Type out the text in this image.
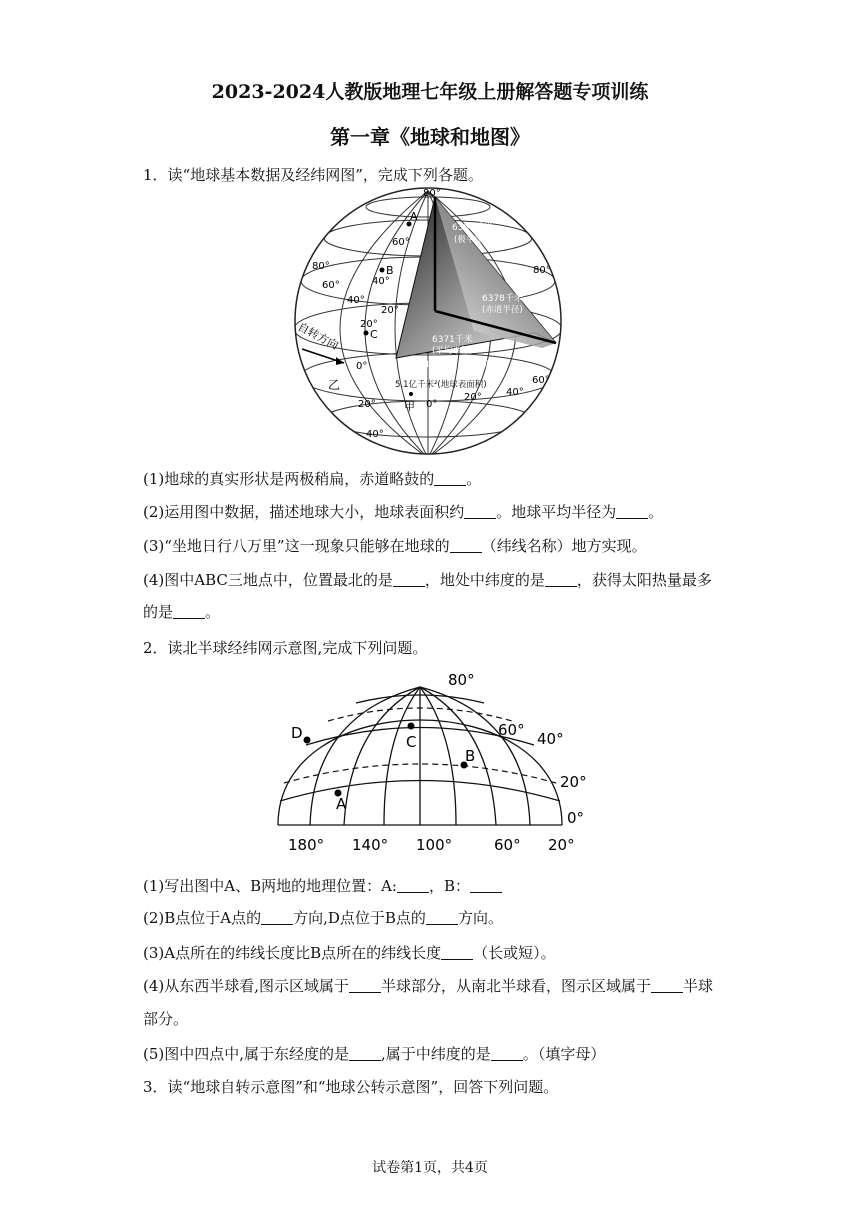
2023-2024人教版地理七年级上册解答题专项训练
第一章《地球和地图》
1．读“地球基本数据及经纬网图”，完成下列各题。
80°
80°
60°
40°
20°
0°
20°
40°
60°
40°
20°
80°
60°
40°
20°
0°
A
B
C
自转方向
乙
甲
6357千米
(极半径)
6378千米
(赤道半径)
6371千米
(平均半径)
4万千米（赤道周长）
5.1亿千米²(地球表面积)
(1)地球的真实形状是两极稍扁，赤道略鼓的 。
(2)运用图中数据，描述地球大小，地球表面积约 。地球平均半径为 。
(3)“坐地日行八万里”这一现象只能够在地球的 （纬线名称）地方实现。
(4)图中ABC三地点中，位置最北的是 ，地处中纬度的是 ，获得太阳热量最多
的是 。
2．读北半球经纬网示意图,完成下列问题。
80°
60° 40°
20°
0°
180° 140° 100°	60° 20°
D	C
B
A
(1)写出图中A、B两地的地理位置：A: ，B：
(2)B点位于A点的 方向,D点位于B点的 方向。
(3)A点所在的纬线长度比B点所在的纬线长度 （长或短）。
(4)从东西半球看,图示区域属于 半球部分，从南北半球看，图示区域属于 半球
部分。
(5)图中四点中,属于东经度的是 ,属于中纬度的是 。（填字母）
3．读“地球自转示意图”和“地球公转示意图”，回答下列问题。
试卷第1页，共4页
